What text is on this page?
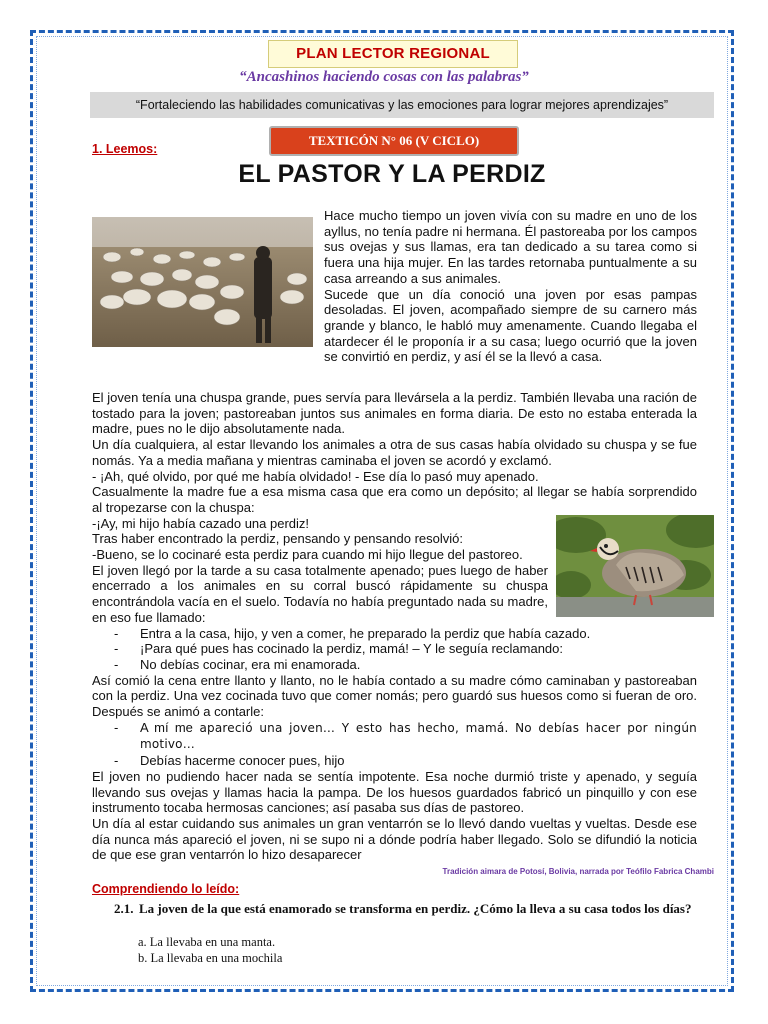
PLAN LECTOR REGIONAL
“Ancashinos haciendo cosas con las palabras”
“Fortaleciendo las habilidades comunicativas y las emociones para lograr mejores aprendizajes”
1. Leemos:
TEXTICÓN N° 06 (V CICLO)
EL PASTOR Y LA PERDIZ

Hace mucho tiempo un joven vivía con su madre en uno de los ayllus, no tenía padre ni hermana. Él pastoreaba por los campos sus ovejas y sus llamas, era tan dedicado a su tarea como si fuera una hija mujer. En las tardes retornaba puntualmente a su casa arreando a sus animales.

Sucede que un día conoció una joven por esas pampas desoladas. El joven, acompañado siempre de su carnero más grande y blanco, le habló muy amenamente. Cuando llegaba el atardecer él le proponía ir a su casa; luego ocurrió que la joven se convirtió en perdiz, y así él se la llevó a casa.

El joven tenía una chuspa grande, pues servía para llevársela a la perdiz. También llevaba una ración de tostado para la joven; pastoreaban juntos sus animales en forma diaria. De esto no estaba enterada la madre, pues no le dijo absolutamente nada.

Un día cualquiera, al estar llevando los animales a otra de sus casas había olvidado su chuspa y se fue nomás. Ya a media mañana y mientras caminaba el joven se acordó y exclamó.

- ¡Ah, qué olvido, por qué me había olvidado! - Ese día lo pasó muy apenado.

Casualmente la madre fue a esa misma casa que era como un depósito; al llegar se había sorprendido al tropezarse con la chuspa:

-¡Ay, mi hijo había cazado una perdiz!

Tras haber encontrado la perdiz, pensando y pensando resolvió:

-Bueno, se lo cocinaré esta perdiz para cuando mi hijo llegue del pastoreo.

El joven llegó por la tarde a su casa totalmente apenado; pues luego de haber encerrado a los animales en su corral buscó rápidamente su chuspa encontrándola vacía en el suelo. Todavía no había preguntado nada su madre, en eso fue llamado:

- Entra a la casa, hijo, y ven a comer, he preparado la perdiz que había cazado.
- ¡Para qué pues has cocinado la perdiz, mamá! – Y le seguía reclamando:
- No debías cocinar, era mi enamorada.

Así comió la cena entre llanto y llanto, no le había contado a su madre cómo caminaban y pastoreaban con la perdiz. Una vez cocinada tuvo que comer nomás; pero guardó sus huesos como si fueran de oro. Después se animó a contarle:

- A mí me apareció una joven… Y esto has hecho, mamá. No debías hacer por ningún motivo…
- Debías hacerme conocer pues, hijo

El joven no pudiendo hacer nada se sentía impotente. Esa noche durmió triste y apenado, y seguía llevando sus ovejas y llamas hacia la pampa. De los huesos guardados fabricó un pinquillo y con ese instrumento tocaba hermosas canciones; así pasaba sus días de pastoreo.

Un día al estar cuidando sus animales un gran ventarrón se lo llevó dando vueltas y vueltas. Desde ese día nunca más apareció el joven, ni se supo ni a dónde podría haber llegado. Solo se difundió la noticia de que ese gran ventarrón lo hizo desaparecer

Tradición aimara de Potosí, Bolivia, narrada por Teófilo Fabrica Chambi
Comprendiendo lo leído:
2.1. La joven de la que está enamorado se transforma en perdiz. ¿Cómo la lleva a su casa todos los días?
a. La llevaba en una manta.
b. La llevaba en una mochila
